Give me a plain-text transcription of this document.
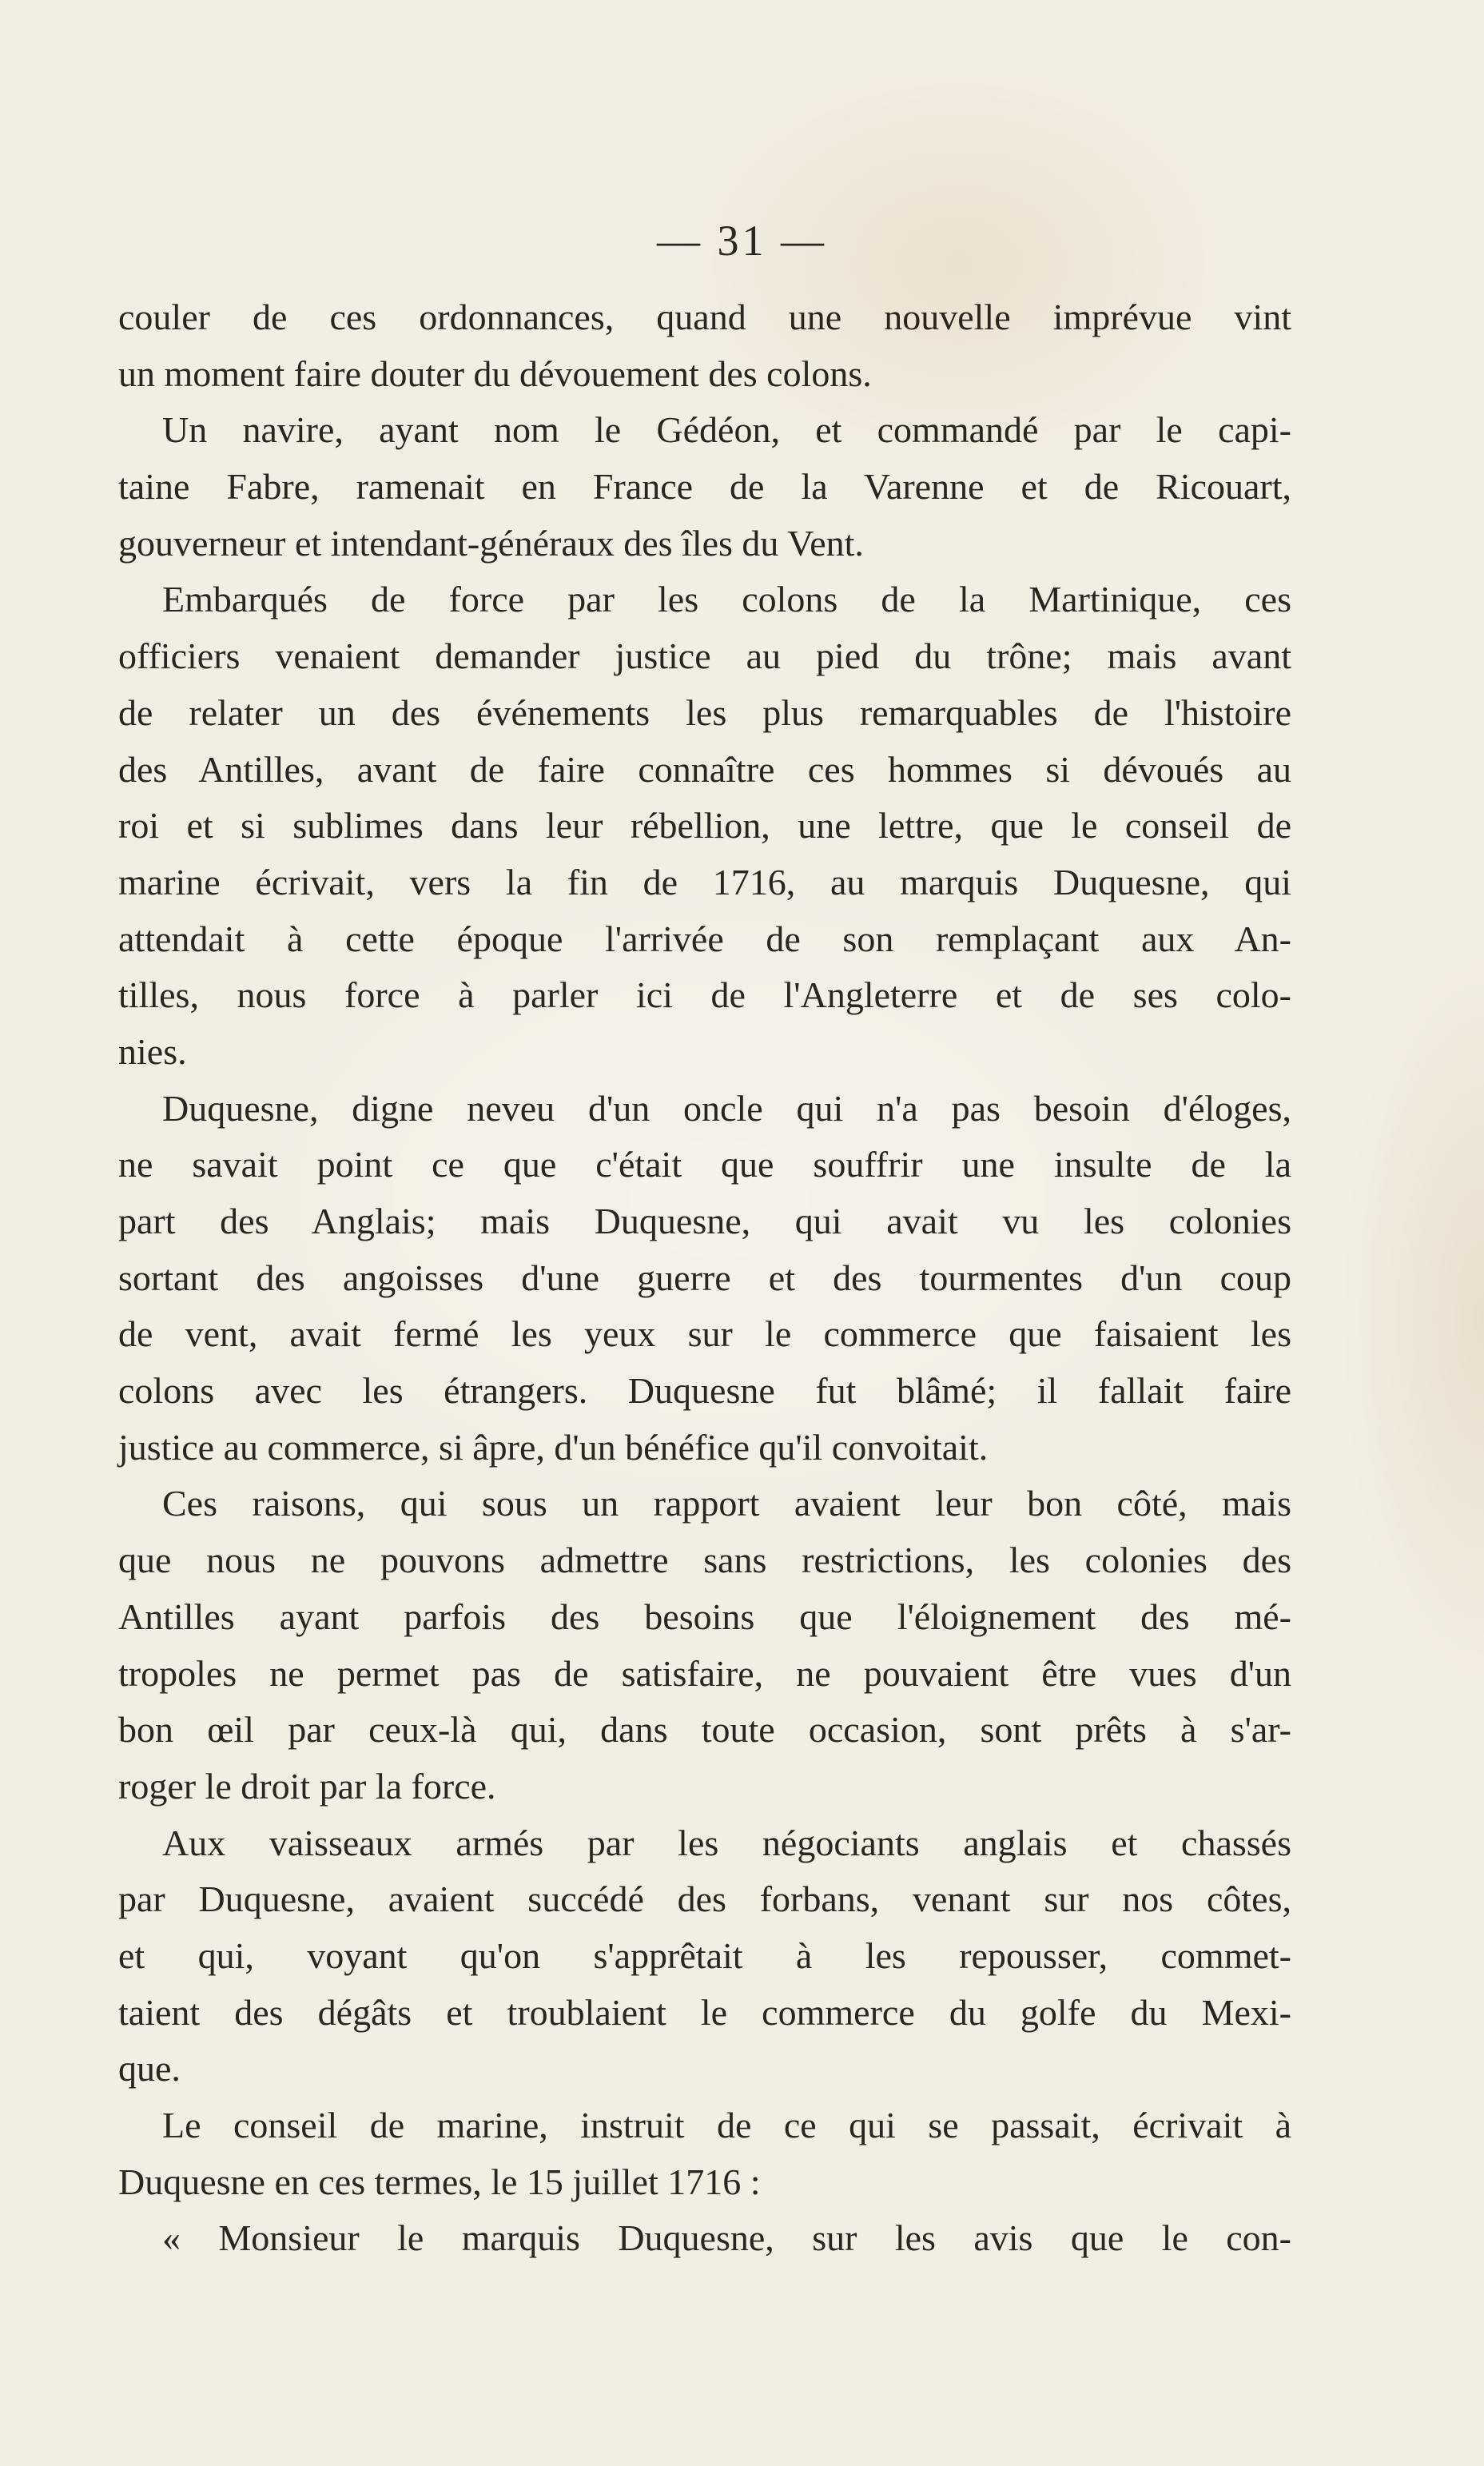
— 31 —
couler de ces ordonnances, quand une nouvelle imprévue vint
un moment faire douter du dévouement des colons.
Un navire, ayant nom le Gédéon, et commandé par le capi-
taine Fabre, ramenait en France de la Varenne et de Ricouart,
gouverneur et intendant-généraux des îles du Vent.
Embarqués de force par les colons de la Martinique, ces
officiers venaient demander justice au pied du trône; mais avant
de relater un des événements les plus remarquables de l'histoire
des Antilles, avant de faire connaître ces hommes si dévoués au
roi et si sublimes dans leur rébellion, une lettre, que le conseil de
marine écrivait, vers la fin de 1716, au marquis Duquesne, qui
attendait à cette époque l'arrivée de son remplaçant aux An-
tilles, nous force à parler ici de l'Angleterre et de ses colo-
nies.
Duquesne, digne neveu d'un oncle qui n'a pas besoin d'éloges,
ne savait point ce que c'était que souffrir une insulte de la
part des Anglais; mais Duquesne, qui avait vu les colonies
sortant des angoisses d'une guerre et des tourmentes d'un coup
de vent, avait fermé les yeux sur le commerce que faisaient les
colons avec les étrangers. Duquesne fut blâmé; il fallait faire
justice au commerce, si âpre, d'un bénéfice qu'il convoitait.
Ces raisons, qui sous un rapport avaient leur bon côté, mais
que nous ne pouvons admettre sans restrictions, les colonies des
Antilles ayant parfois des besoins que l'éloignement des mé-
tropoles ne permet pas de satisfaire, ne pouvaient être vues d'un
bon œil par ceux-là qui, dans toute occasion, sont prêts à s'ar-
roger le droit par la force.
Aux vaisseaux armés par les négociants anglais et chassés
par Duquesne, avaient succédé des forbans, venant sur nos côtes,
et qui, voyant qu'on s'apprêtait à les repousser, commet-
taient des dégâts et troublaient le commerce du golfe du Mexi-
que.
Le conseil de marine, instruit de ce qui se passait, écrivait à
Duquesne en ces termes, le 15 juillet 1716 :
« Monsieur le marquis Duquesne, sur les avis que le con-
